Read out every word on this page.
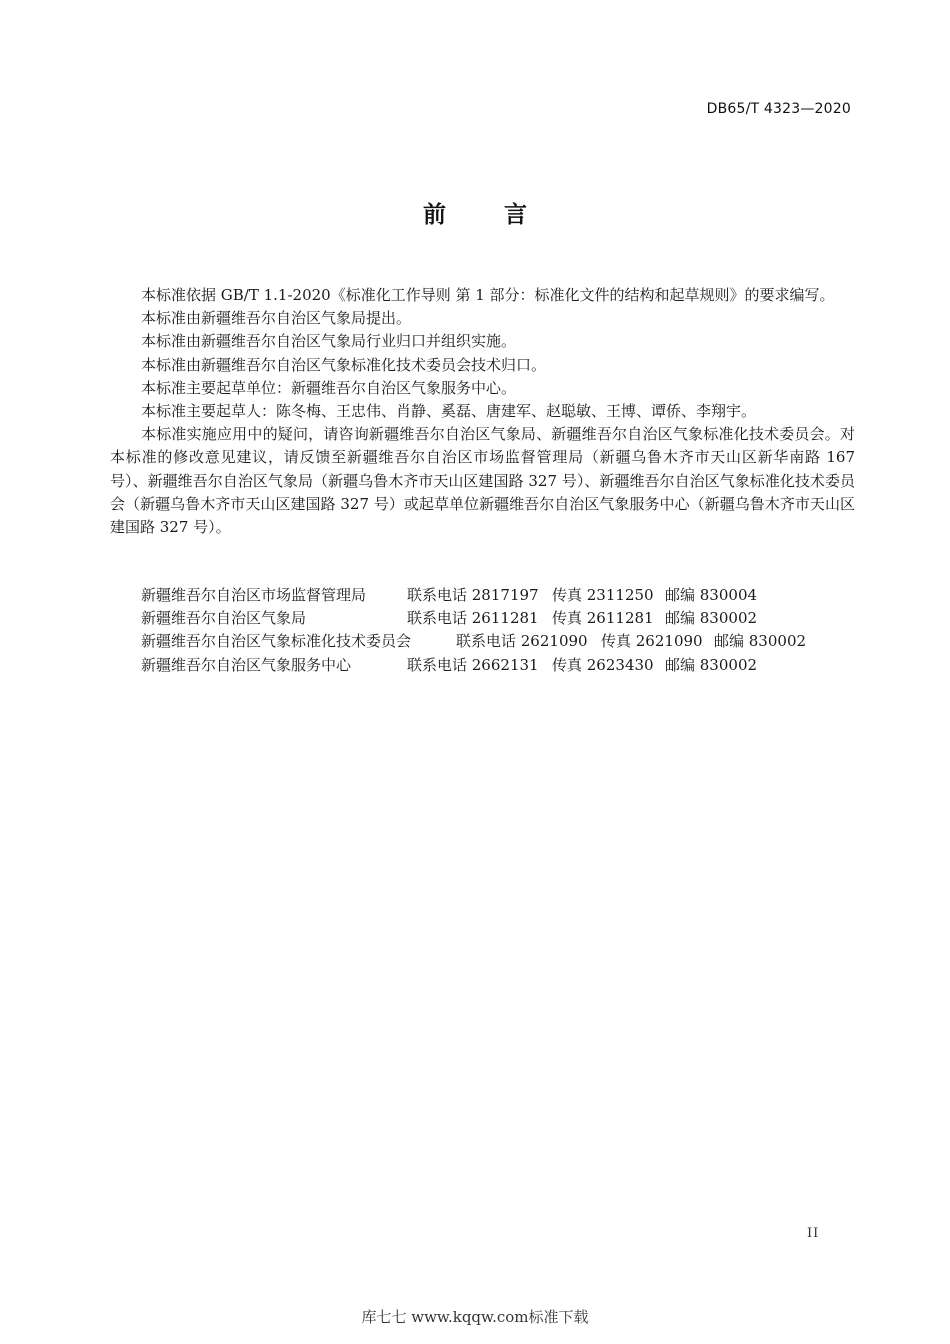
DB65/T 4323—2020
前言

本标准依据 GB/T 1.1-2020《标准化工作导则 第 1 部分：标准化文件的结构和起草规则》的要求编写。

本标准由新疆维吾尔自治区气象局提出。

本标准由新疆维吾尔自治区气象局行业归口并组织实施。

本标准由新疆维吾尔自治区气象标准化技术委员会技术归口。

本标准主要起草单位：新疆维吾尔自治区气象服务中心。

本标准主要起草人：陈冬梅、王忠伟、肖静、奚磊、唐建军、赵聪敏、王博、谭侨、李翔宇。

本标准实施应用中的疑问，请咨询新疆维吾尔自治区气象局、新疆维吾尔自治区气象标准化技术委员会。对本标准的修改意见建议，请反馈至新疆维吾尔自治区市场监督管理局（新疆乌鲁木齐市天山区新华南路 167 号）、新疆维吾尔自治区气象局（新疆乌鲁木齐市天山区建国路 327 号）、新疆维吾尔自治区气象标准化技术委员会（新疆乌鲁木齐市天山区建国路 327 号）或起草单位新疆维吾尔自治区气象服务中心（新疆乌鲁木齐市天山区建国路 327 号）。

新疆维吾尔自治区市场监督管理局	联系电话 2817197 传真 2311250 邮编 830004
新疆维吾尔自治区气象局	联系电话 2611281 传真 2611281 邮编 830002
新疆维吾尔自治区气象标准化技术委员会	联系电话 2621090 传真 2621090 邮编 830002
新疆维吾尔自治区气象服务中心	联系电话 2662131 传真 2623430 邮编 830002
II
库七七 www.kqqw.com标准下载
